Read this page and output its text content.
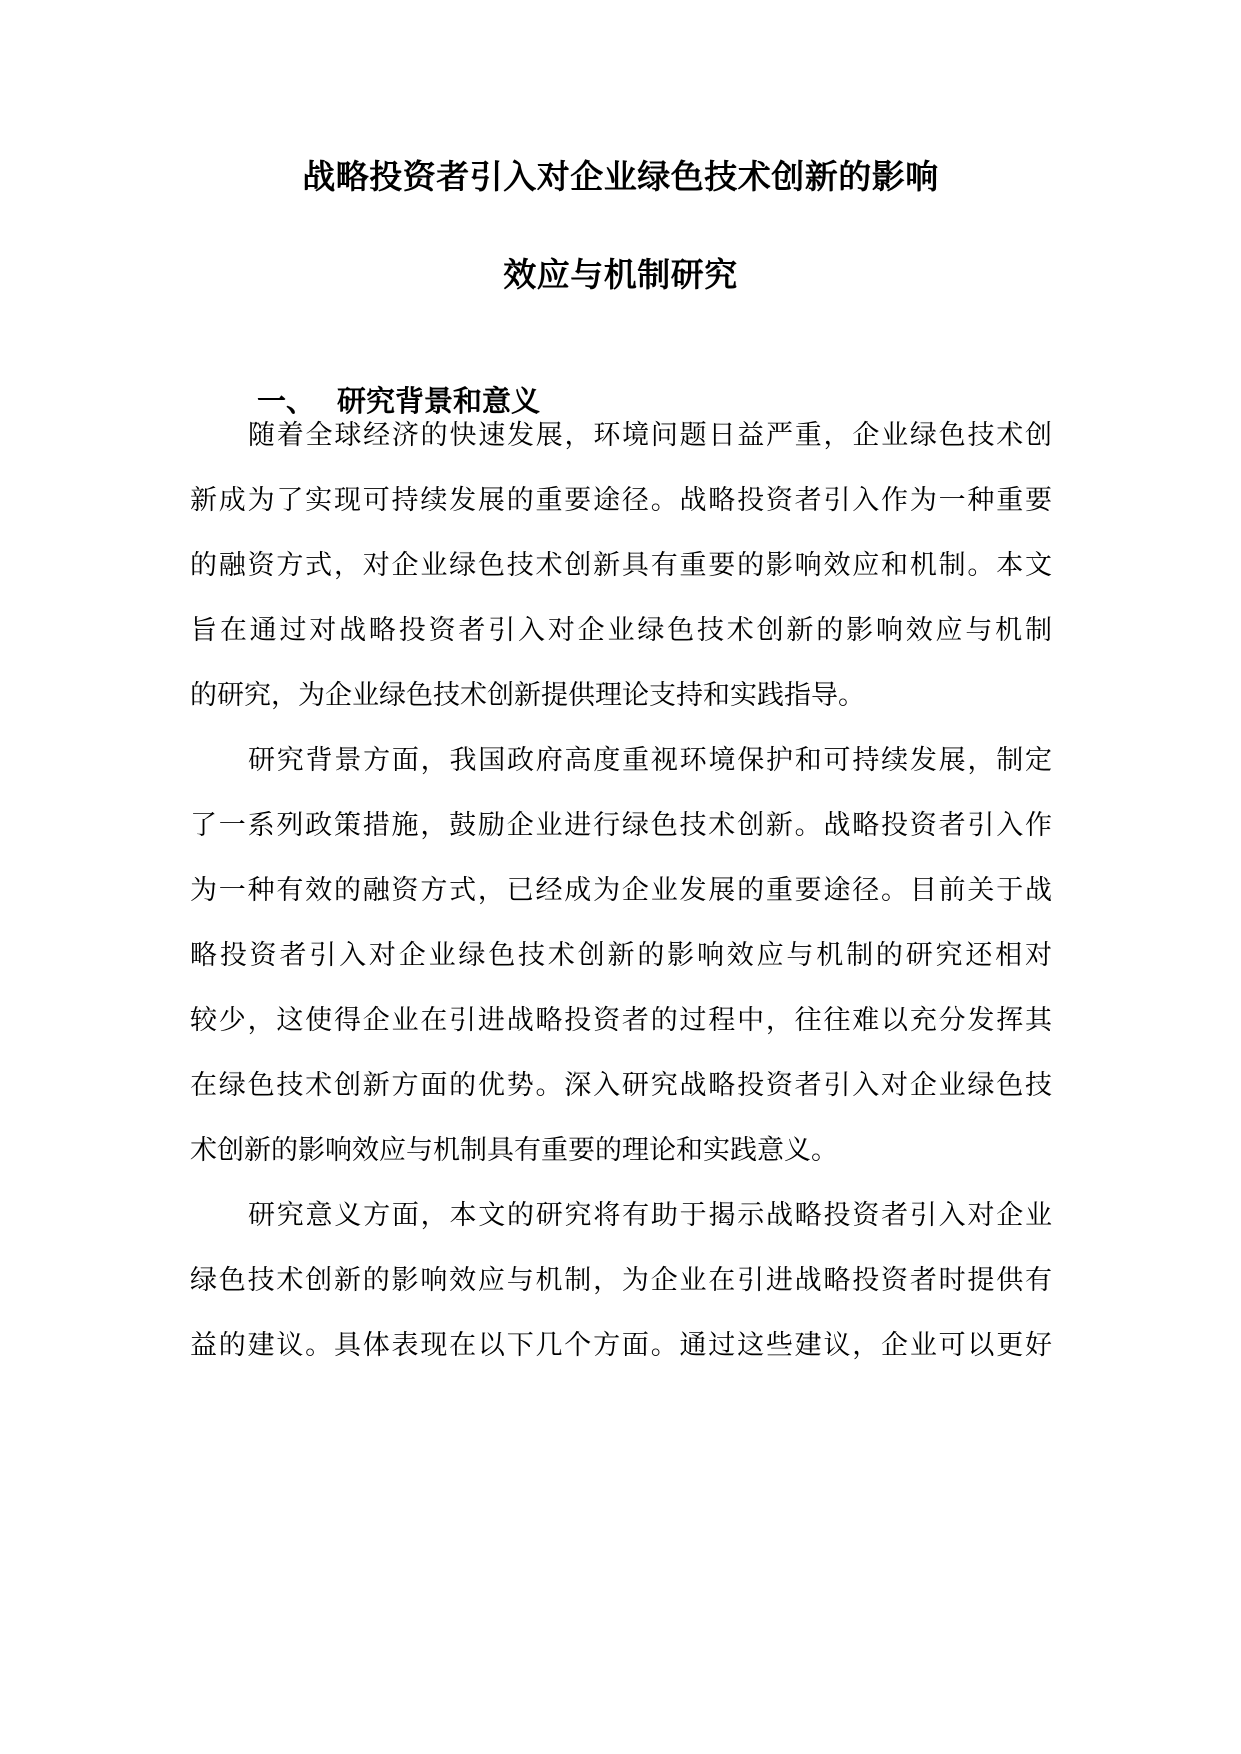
战略投资者引入对企业绿色技术创新的影响
效应与机制研究
一、 研究背景和意义
随着全球经济的快速发展，环境问题日益严重，企业绿色技术创
新成为了实现可持续发展的重要途径。战略投资者引入作为一种重要
的融资方式，对企业绿色技术创新具有重要的影响效应和机制。本文
旨在通过对战略投资者引入对企业绿色技术创新的影响效应与机制
的研究，为企业绿色技术创新提供理论支持和实践指导。
研究背景方面，我国政府高度重视环境保护和可持续发展，制定
了一系列政策措施，鼓励企业进行绿色技术创新。战略投资者引入作
为一种有效的融资方式，已经成为企业发展的重要途径。目前关于战
略投资者引入对企业绿色技术创新的影响效应与机制的研究还相对
较少，这使得企业在引进战略投资者的过程中，往往难以充分发挥其
在绿色技术创新方面的优势。深入研究战略投资者引入对企业绿色技
术创新的影响效应与机制具有重要的理论和实践意义。
研究意义方面，本文的研究将有助于揭示战略投资者引入对企业
绿色技术创新的影响效应与机制，为企业在引进战略投资者时提供有
益的建议。具体表现在以下几个方面。通过这些建议，企业可以更好
